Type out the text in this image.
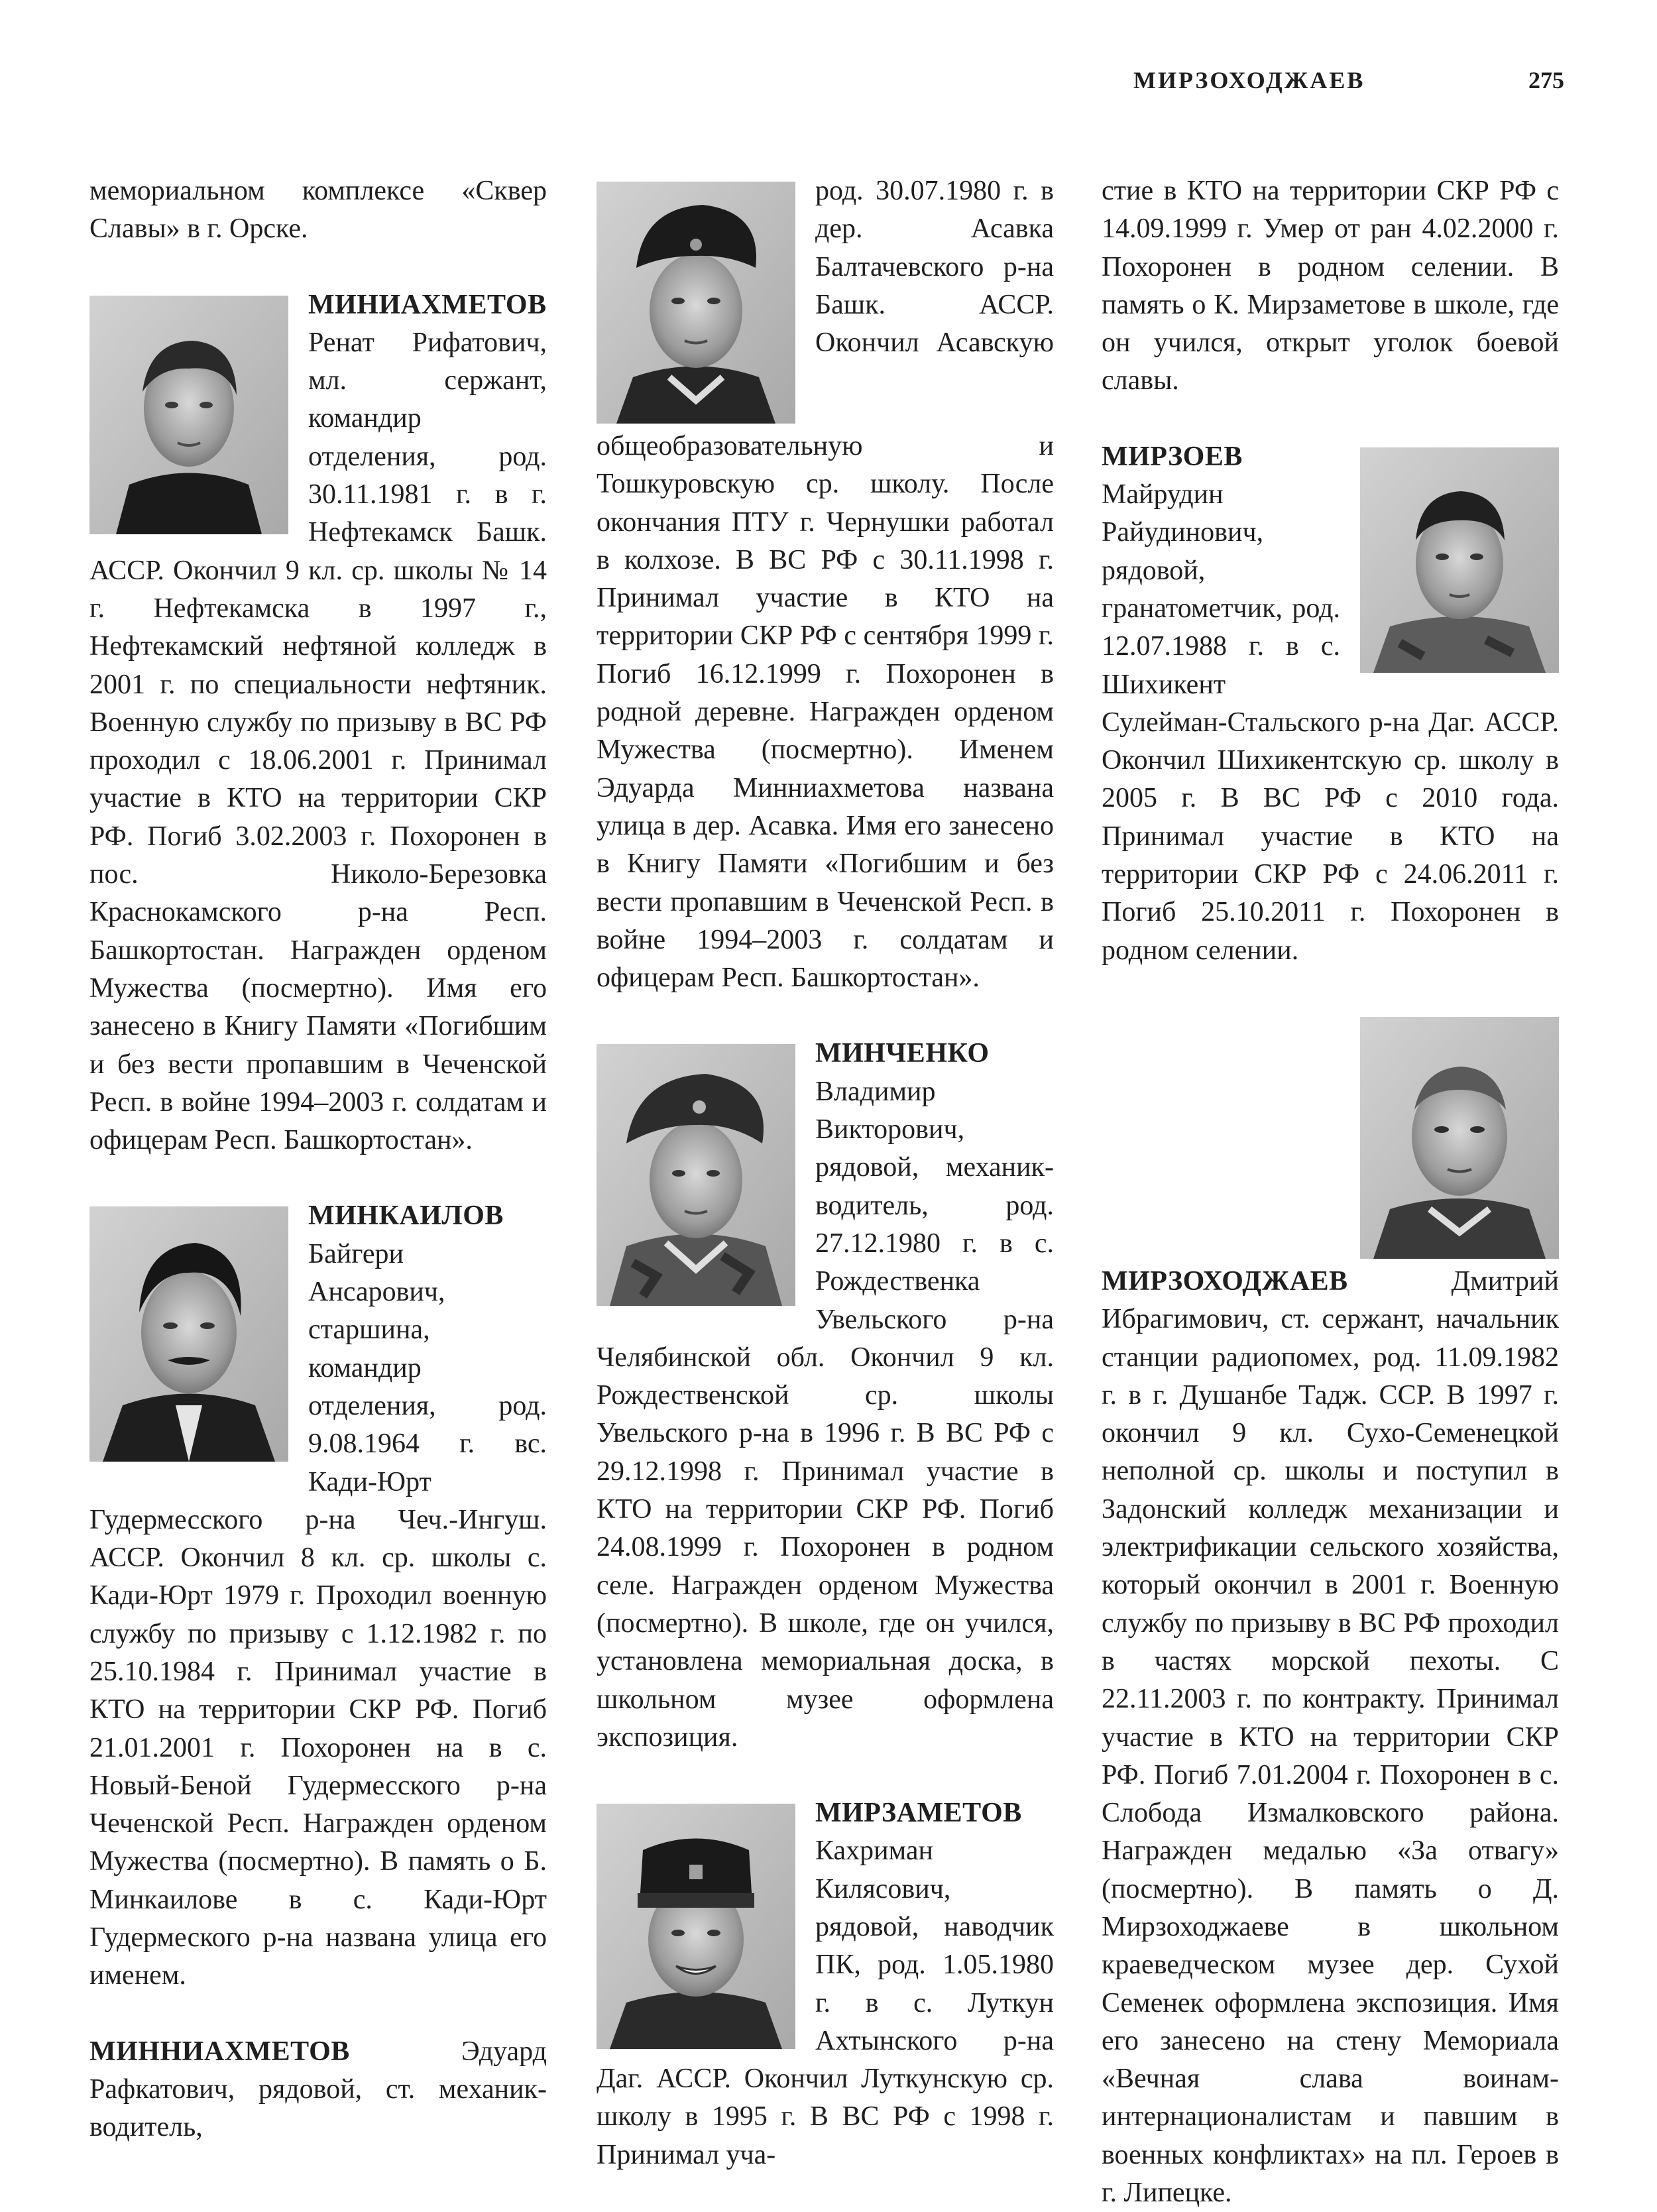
МИРЗОХОДЖАЕВ	275

мемориальном комплексе «Сквер Славы» в г. Орске.

МИНИАХМЕТОВ Ренат Рифатович, мл. сержант, командир отделения, род. 30.11.1981 г. в г. Нефтекамск Башк. АССР. Окончил 9 кл. ср. школы № 14 г. Нефтекамска в 1997 г., Нефтекамский нефтяной колледж в 2001 г. по специальности нефтяник. Военную службу по призыву в ВС РФ проходил с 18.06.2001 г. Принимал участие в КТО на территории СКР РФ. Погиб 3.02.2003 г. Похоронен в пос. Николо-Березовка Краснокамского р-на Респ. Башкортостан. Награжден орденом Мужества (посмертно). Имя его занесено в Книгу Памяти «Погибшим и без вести пропавшим в Чеченской Респ. в войне 1994–2003 г. солдатам и офицерам Респ. Башкортостан».

МИНКАИЛОВ Байгери Ансарович, старшина, командир отделения, род. 9.08.1964 г. вс. Кади-Юрт Гудермесского р-на Чеч.-Ингуш. АССР. Окончил 8 кл. ср. школы с. Кади-Юрт 1979 г. Проходил военную службу по призыву с 1.12.1982 г. по 25.10.1984 г. Принимал участие в КТО на территории СКР РФ. Погиб 21.01.2001 г. Похоронен на в с. Новый-Беной Гудермесского р-на Чеченской Респ. Награжден орденом Мужества (посмертно). В память о Б. Минкаилове в с. Кади-Юрт Гудермеского р-на названа улица его именем.

МИННИАХМЕТОВ Эдуард Рафкатович, рядовой, ст. механик-водитель,

род. 30.07.1980 г. в дер. Асавка Балтачевского р-на Башк. АССР. Окончил Асавскую общеобразовательную и Тошкуровскую ср. школу. После окончания ПТУ г. Чернушки работал в колхозе. В ВС РФ с 30.11.1998 г. Принимал участие в КТО на территории СКР РФ с сентября 1999 г. Погиб 16.12.1999 г. Похоронен в родной деревне. Награжден орденом Мужества (посмертно). Именем Эдуарда Минниахметова названа улица в дер. Асавка. Имя его занесено в Книгу Памяти «Погибшим и без вести пропавшим в Чеченской Респ. в войне 1994–2003 г. солдатам и офицерам Респ. Башкортостан».

МИНЧЕНКО Владимир Викторович, рядовой, механик-водитель, род. 27.12.1980 г. в с. Рождественка Увельского р-на Челябинской обл. Окончил 9 кл. Рождественской ср. школы Увельского р-на в 1996 г. В ВС РФ с 29.12.1998 г. Принимал участие в КТО на территории СКР РФ. Погиб 24.08.1999 г. Похоронен в родном селе. Награжден орденом Мужества (посмертно). В школе, где он учился, установлена мемориальная доска, в школьном музее оформлена экспозиция.

МИРЗАМЕТОВ Кахриман Килясович, рядовой, наводчик ПК, род. 1.05.1980 г. в с. Луткун Ахтынского р-на Даг. АССР. Окончил Луткунскую ср. школу в 1995 г. В ВС РФ с 1998 г. Принимал уча-

стие в КТО на территории СКР РФ с 14.09.1999 г. Умер от ран 4.02.2000 г. Похоронен в родном селении. В память о К. Мирзаметове в школе, где он учился, открыт уголок боевой славы.

МИРЗОЕВ Майрудин Райудинович, рядовой, гранатометчик, род. 12.07.1988 г. в с. Шихикент Сулейман-Стальского р-на Даг. АССР. Окончил Шихикентскую ср. школу в 2005 г. В ВС РФ с 2010 года. Принимал участие в КТО на территории СКР РФ с 24.06.2011 г. Погиб 25.10.2011 г. Похоронен в родном селении.

МИРЗОХОДЖАЕВ Дмитрий Ибрагимович, ст. сержант, начальник станции радиопомех, род. 11.09.1982 г. в г. Душанбе Тадж. ССР. В 1997 г. окончил 9 кл. Сухо-Семенецкой неполной ср. школы и поступил в Задонский колледж механизации и электрификации сельского хозяйства, который окончил в 2001 г. Военную службу по призыву в ВС РФ проходил в частях морской пехоты. С 22.11.2003 г. по контракту. Принимал участие в КТО на территории СКР РФ. Погиб 7.01.2004 г. Похоронен в с. Слобода Измалковского района. Награжден медалью «За отвагу» (посмертно). В память о Д. Мирзоходжаеве в школьном краеведческом музее дер. Сухой Семенек оформлена экспозиция. Имя его занесено на стену Мемориала «Вечная слава воинам-интернационалистам и павшим в военных конфликтах» на пл. Героев в г. Липецке.
